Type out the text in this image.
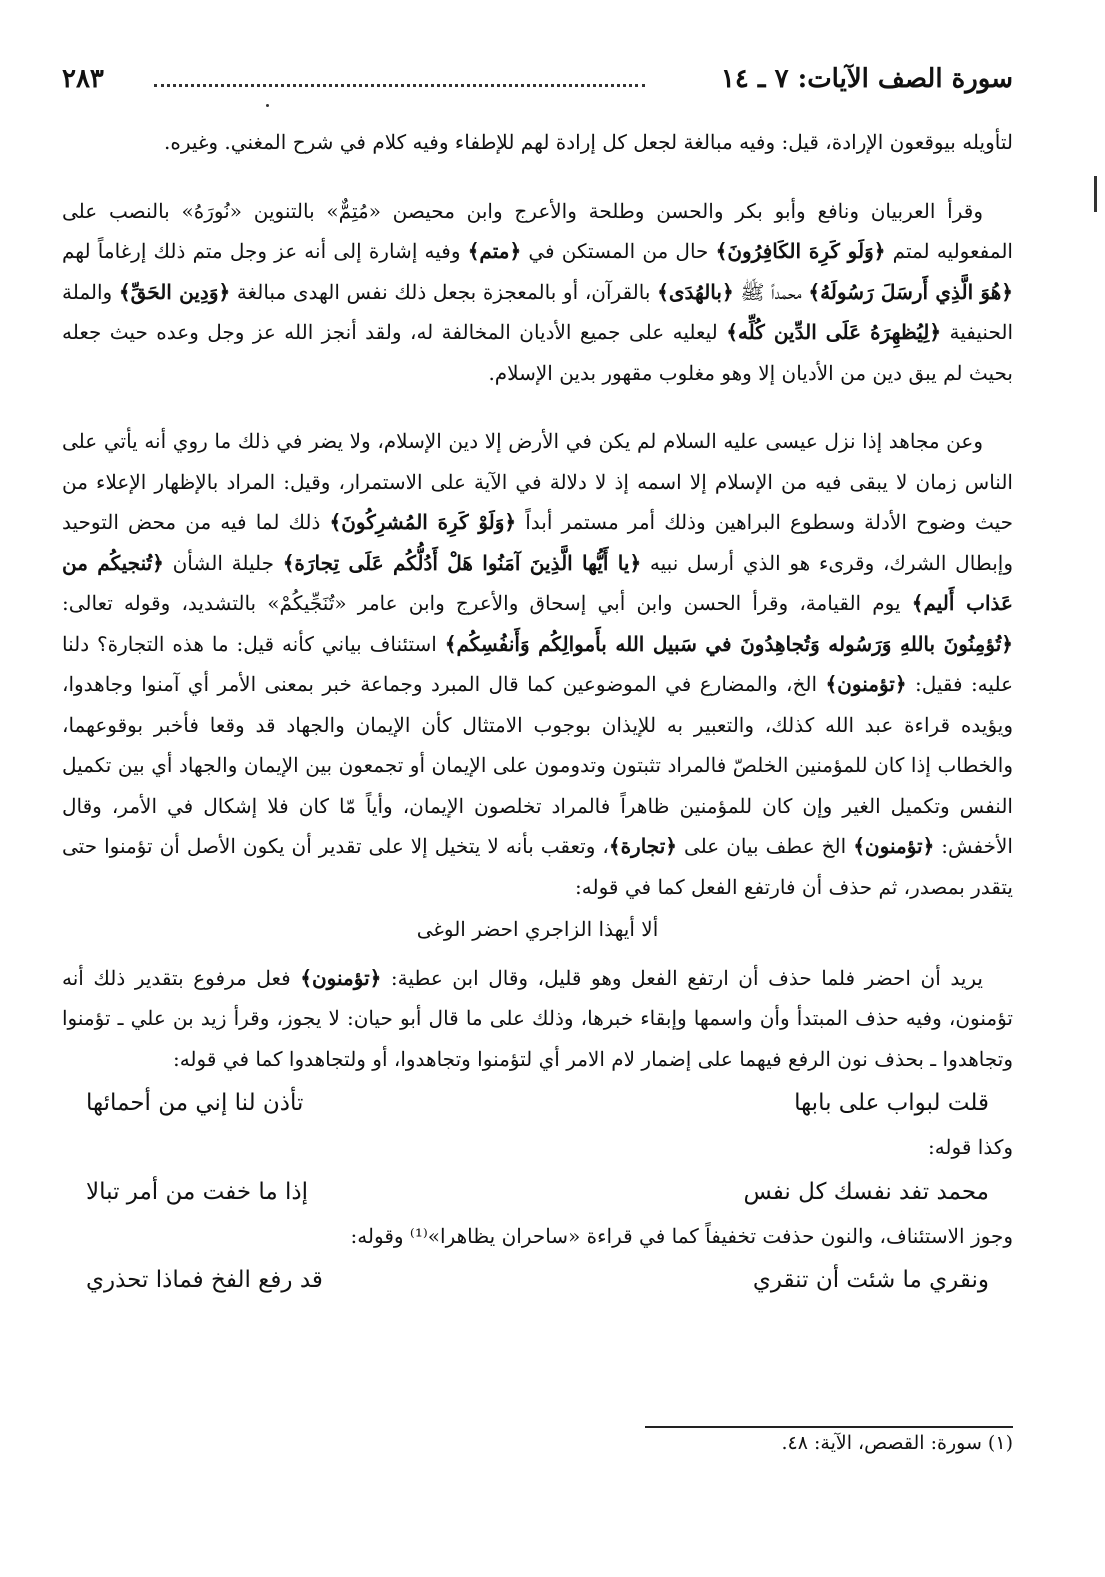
سورة الصف الآيات: ٧ ـ ١٤
٢٨٣

لتأويله بيوقعون الإرادة، قيل: وفيه مبالغة لجعل كل إرادة لهم للإطفاء وفيه كلام في شرح المغني. وغيره.

وقرأ العربيان ونافع وأبو بكر والحسن وطلحة والأعرج وابن محيصن «مُتِمٌّ» بالتنوين «نُورَهُ» بالنصب على المفعوليه لمتم ﴿وَلَو كَرِهَ الكَافِرُونَ﴾ حال من المستكن في ﴿متم﴾ وفيه إشارة إلى أنه عز وجل متم ذلك إرغاماً لهم ﴿هُوَ الَّذِي أَرسَلَ رَسُولَهُ﴾ محمداً ﷺ ﴿بالهُدَى﴾ بالقرآن، أو بالمعجزة بجعل ذلك نفس الهدى مبالغة ﴿وَدِين الحَقِّ﴾ والملة الحنيفية ﴿لِيُظهِرَهُ عَلَى الدِّين كُلِّه﴾ ليعليه على جميع الأديان المخالفة له، ولقد أنجز الله عز وجل وعده حيث جعله بحيث لم يبق دين من الأديان إلا وهو مغلوب مقهور بدين الإسلام.

وعن مجاهد إذا نزل عيسى عليه السلام لم يكن في الأرض إلا دين الإسلام، ولا يضر في ذلك ما روي أنه يأتي على الناس زمان لا يبقى فيه من الإسلام إلا اسمه إذ لا دلالة في الآية على الاستمرار، وقيل: المراد بالإظهار الإعلاء من حيث وضوح الأدلة وسطوع البراهين وذلك أمر مستمر أبداً ﴿وَلَوْ كَرِهَ المُشرِكُونَ﴾ ذلك لما فيه من محض التوحيد وإبطال الشرك، وقرىء هو الذي أرسل نبيه ﴿يا أَيُّها الَّذِينَ آمَنُوا هَلْ أَدُلُّكُم عَلَى تِجارَة﴾ جليلة الشأن ﴿تُنجيكُم من عَذاب أَليم﴾ يوم القيامة، وقرأ الحسن وابن أبي إسحاق والأعرج وابن عامر «تُنَجِّيكُمْ» بالتشديد، وقوله تعالى: ﴿تُؤمِنُونَ باللهِ وَرَسُوله وَتُجاهِدُونَ في سَبيل الله بأَموالِكُم وَأَنفُسِكُم﴾ استئناف بياني كأنه قيل: ما هذه التجارة؟ دلنا عليه: فقيل: ﴿تؤمنون﴾ الخ، والمضارع في الموضوعين كما قال المبرد وجماعة خبر بمعنى الأمر أي آمنوا وجاهدوا، ويؤيده قراءة عبد الله كذلك، والتعبير به للإيذان بوجوب الامتثال كأن الإيمان والجهاد قد وقعا فأخبر بوقوعهما، والخطاب إذا كان للمؤمنين الخلصّ فالمراد تثبتون وتدومون على الإيمان أو تجمعون بين الإيمان والجهاد أي بين تكميل النفس وتكميل الغير وإن كان للمؤمنين ظاهراً فالمراد تخلصون الإيمان، وأياً مّا كان فلا إشكال في الأمر، وقال الأخفش: ﴿تؤمنون﴾ الخ عطف بيان على ﴿تجارة﴾، وتعقب بأنه لا يتخيل إلا على تقدير أن يكون الأصل أن تؤمنوا حتى يتقدر بمصدر، ثم حذف أن فارتفع الفعل كما في قوله:

ألا أيهذا الزاجري احضر الوغى

يريد أن احضر فلما حذف أن ارتفع الفعل وهو قليل، وقال ابن عطية: ﴿تؤمنون﴾ فعل مرفوع بتقدير ذلك أنه تؤمنون، وفيه حذف المبتدأ وأن واسمها وإبقاء خبرها، وذلك على ما قال أبو حيان: لا يجوز، وقرأ زيد بن علي ـ تؤمنوا وتجاهدوا ـ بحذف نون الرفع فيهما على إضمار لام الامر أي لتؤمنوا وتجاهدوا، أو ولتجاهدوا كما في قوله:

قلت لبواب على بابها
تأذن لنا إني من أحمائها

وكذا قوله:

محمد تفد نفسك كل نفس
إذا ما خفت من أمر تبالا

وجوز الاستئناف، والنون حذفت تخفيفاً كما في قراءة «ساحران يظاهرا»⁽¹⁾ وقوله:

ونقري ما شئت أن تنقري
قد رفع الفخ فماذا تحذري
(١) سورة: القصص، الآية: ٤٨.
